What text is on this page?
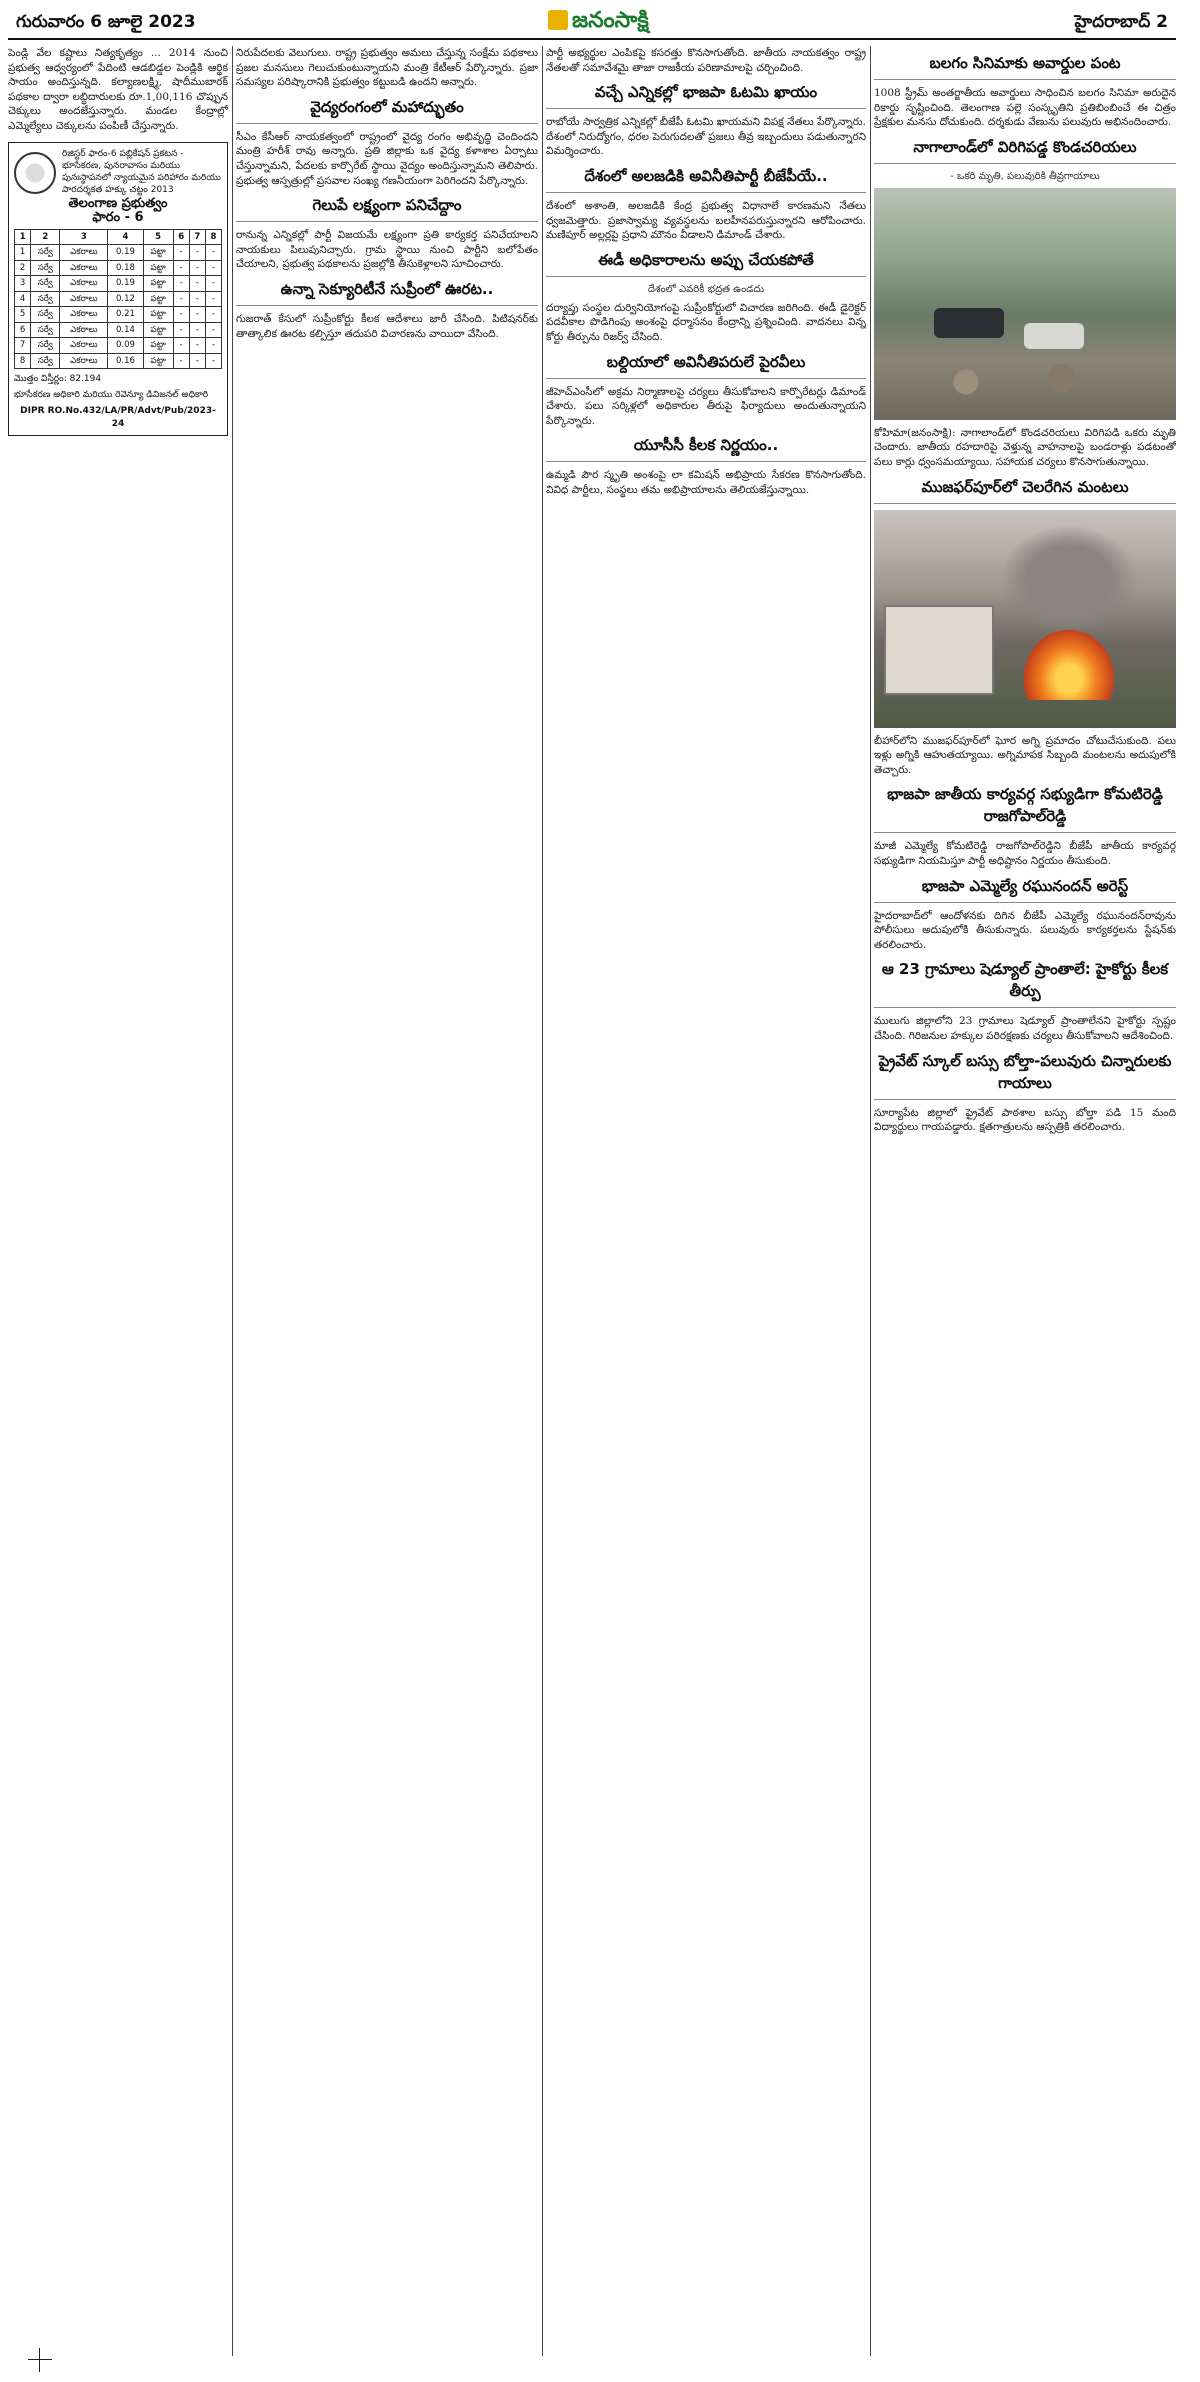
గురువారం 6 జూలై 2023	జనంసాక్షి	హైదరాబాద్ 2

పెండ్లి వేల కష్టాలు నిత్యకృత్యం ... 2014 నుంచి ప్రభుత్వ ఆధ్వర్యంలో పేదింటి ఆడబిడ్డల పెండ్లికి ఆర్థిక సాయం అందిస్తున్నది. కల్యాణలక్ష్మి, షాదీముబారక్ పథకాల ద్వారా లబ్ధిదారులకు రూ.1,00,116 చొప్పున చెక్కులు అందజేస్తున్నారు. మండల కేంద్రాల్లో ఎమ్మెల్యేలు చెక్కులను పంపిణీ చేస్తున్నారు.

రిజిస్టర్ ఫారం-6 పబ్లికేషన్ ప్రకటన - భూసేకరణ, పునరావాసం మరియు పునఃస్థాపనలో న్యాయమైన పరిహారం మరియు పారదర్శకత హక్కు చట్టం 2013

తెలంగాణ ప్రభుత్వం

ఫారం - 6

1	2	3	4	5	6	7	8
1	సర్వే	ఎకరాలు	0.19	పట్టా	-	-	-
2	సర్వే	ఎకరాలు	0.18	పట్టా	-	-	-
3	సర్వే	ఎకరాలు	0.19	పట్టా	-	-	-
4	సర్వే	ఎకరాలు	0.12	పట్టా	-	-	-
5	సర్వే	ఎకరాలు	0.21	పట్టా	-	-	-
6	సర్వే	ఎకరాలు	0.14	పట్టా	-	-	-
7	సర్వే	ఎకరాలు	0.09	పట్టా	-	-	-
8	సర్వే	ఎకరాలు	0.16	పట్టా	-	-	-

మొత్తం విస్తీర్ణం: 82.194

భూసేకరణ అధికారి మరియు రెవెన్యూ డివిజనల్ అధికారి

DIPR RO.No.432/LA/PR/Advt/Pub/2023-24

నిరుపేదలకు వెలుగులు. రాష్ట్ర ప్రభుత్వం అమలు చేస్తున్న సంక్షేమ పథకాలు ప్రజల మనసులు గెలుచుకుంటున్నాయని మంత్రి కేటీఆర్ పేర్కొన్నారు. ప్రజా సమస్యల పరిష్కారానికి ప్రభుత్వం కట్టుబడి ఉందని అన్నారు.

వైద్యరంగంలో మహాద్భుతం

సీఎం కేసీఆర్ నాయకత్వంలో రాష్ట్రంలో వైద్య రంగం అభివృద్ధి చెందిందని మంత్రి హరీశ్ రావు అన్నారు. ప్రతి జిల్లాకు ఒక వైద్య కళాశాల ఏర్పాటు చేస్తున్నామని, పేదలకు కార్పొరేట్ స్థాయి వైద్యం అందిస్తున్నామని తెలిపారు. ప్రభుత్వ ఆస్పత్రుల్లో ప్రసవాల సంఖ్య గణనీయంగా పెరిగిందని పేర్కొన్నారు.

గెలుపే లక్ష్యంగా పనిచేద్దాం

రానున్న ఎన్నికల్లో పార్టీ విజయమే లక్ష్యంగా ప్రతి కార్యకర్త పనిచేయాలని నాయకులు పిలుపునిచ్చారు. గ్రామ స్థాయి నుంచి పార్టీని బలోపేతం చేయాలని, ప్రభుత్వ పథకాలను ప్రజల్లోకి తీసుకెళ్లాలని సూచించారు.

ఉన్నా సెక్యూరిటీనే సుప్రీంలో ఊరట..

గుజరాత్ కేసులో సుప్రీంకోర్టు కీలక ఆదేశాలు జారీ చేసింది. పిటిషనర్‌కు తాత్కాలిక ఊరట కల్పిస్తూ తదుపరి విచారణను వాయిదా వేసింది.

పార్టీ అభ్యర్థుల ఎంపికపై కసరత్తు కొనసాగుతోంది. జాతీయ నాయకత్వం రాష్ట్ర నేతలతో సమావేశమై తాజా రాజకీయ పరిణామాలపై చర్చించింది.

వచ్చే ఎన్నికల్లో భాజపా ఓటమి ఖాయం

రాబోయే సార్వత్రిక ఎన్నికల్లో బీజేపీ ఓటమి ఖాయమని విపక్ష నేతలు పేర్కొన్నారు. దేశంలో నిరుద్యోగం, ధరల పెరుగుదలతో ప్రజలు తీవ్ర ఇబ్బందులు పడుతున్నారని విమర్శించారు.

దేశంలో అలజడికి అవినీతిపార్టీ బీజేపీయే..

దేశంలో అశాంతి, అలజడికి కేంద్ర ప్రభుత్వ విధానాలే కారణమని నేతలు ధ్వజమెత్తారు. ప్రజాస్వామ్య వ్యవస్థలను బలహీనపరుస్తున్నారని ఆరోపించారు. మణిపూర్ అల్లర్లపై ప్రధాని మౌనం వీడాలని డిమాండ్ చేశారు.

ఈడీ అధికారాలను అప్పు చేయకపోతే

దేశంలో ఎవరికీ భద్రత ఉండదు

దర్యాప్తు సంస్థల దుర్వినియోగంపై సుప్రీంకోర్టులో విచారణ జరిగింది. ఈడీ డైరెక్టర్ పదవీకాల పొడిగింపు అంశంపై ధర్మాసనం కేంద్రాన్ని ప్రశ్నించింది. వాదనలు విన్న కోర్టు తీర్పును రిజర్వ్ చేసింది.

బల్దియాలో అవినీతిపరులే పైరవీలు

జీహెచ్ఎంసీలో అక్రమ నిర్మాణాలపై చర్యలు తీసుకోవాలని కార్పొరేటర్లు డిమాండ్ చేశారు. పలు సర్కిళ్లలో అధికారుల తీరుపై ఫిర్యాదులు అందుతున్నాయని పేర్కొన్నారు.

యూసీసీ కీలక నిర్ణయం..

ఉమ్మడి పౌర స్మృతి అంశంపై లా కమిషన్ అభిప్రాయ సేకరణ కొనసాగుతోంది. వివిధ పార్టీలు, సంస్థలు తమ అభిప్రాయాలను తెలియజేస్తున్నాయి.

బలగం సినిమాకు అవార్డుల పంట

1008 స్ట్రీమ్ అంతర్జాతీయ అవార్డులు సాధించిన బలగం సినిమా అరుదైన రికార్డు సృష్టించింది. తెలంగాణ పల్లె సంస్కృతిని ప్రతిబింబించే ఈ చిత్రం ప్రేక్షకుల మనసు దోచుకుంది. దర్శకుడు వేణును పలువురు అభినందించారు.

నాగాలాండ్‌లో విరిగిపడ్డ కొండచరియలు

- ఒకరి మృతి, పలువురికి తీవ్రగాయాలు

కోహిమా(జనంసాక్షి): నాగాలాండ్‌లో కొండచరియలు విరిగిపడి ఒకరు మృతి చెందారు. జాతీయ రహదారిపై వెళ్తున్న వాహనాలపై బండరాళ్లు పడటంతో పలు కార్లు ధ్వంసమయ్యాయి. సహాయక చర్యలు కొనసాగుతున్నాయి.

ముజఫర్‌పూర్‌లో చెలరేగిన మంటలు

బీహార్‌లోని ముజఫర్‌పూర్‌లో ఘోర అగ్ని ప్రమాదం చోటుచేసుకుంది. పలు ఇళ్లు అగ్నికి ఆహుతయ్యాయి. అగ్నిమాపక సిబ్బంది మంటలను అదుపులోకి తెచ్చారు.

భాజపా జాతీయ కార్యవర్గ సభ్యుడిగా కోమటిరెడ్డి రాజగోపాల్‌రెడ్డి

మాజీ ఎమ్మెల్యే కోమటిరెడ్డి రాజగోపాల్‌రెడ్డిని బీజేపీ జాతీయ కార్యవర్గ సభ్యుడిగా నియమిస్తూ పార్టీ అధిష్టానం నిర్ణయం తీసుకుంది.

భాజపా ఎమ్మెల్యే రఘునందన్ అరెస్ట్

హైదరాబాద్‌లో ఆందోళనకు దిగిన బీజేపీ ఎమ్మెల్యే రఘునందన్‌రావును పోలీసులు అదుపులోకి తీసుకున్నారు. పలువురు కార్యకర్తలను స్టేషన్‌కు తరలించారు.

ఆ 23 గ్రామాలు షెడ్యూల్ ప్రాంతాలే: హైకోర్టు కీలక తీర్పు

ములుగు జిల్లాలోని 23 గ్రామాలు షెడ్యూల్ ప్రాంతాలేనని హైకోర్టు స్పష్టం చేసింది. గిరిజనుల హక్కుల పరిరక్షణకు చర్యలు తీసుకోవాలని ఆదేశించింది.

ప్రైవేట్ స్కూల్ బస్సు బోల్తా-పలువురు చిన్నారులకు గాయాలు

సూర్యాపేట జిల్లాలో ప్రైవేట్ పాఠశాల బస్సు బోల్తా పడి 15 మంది విద్యార్థులు గాయపడ్డారు. క్షతగాత్రులను ఆస్పత్రికి తరలించారు.
